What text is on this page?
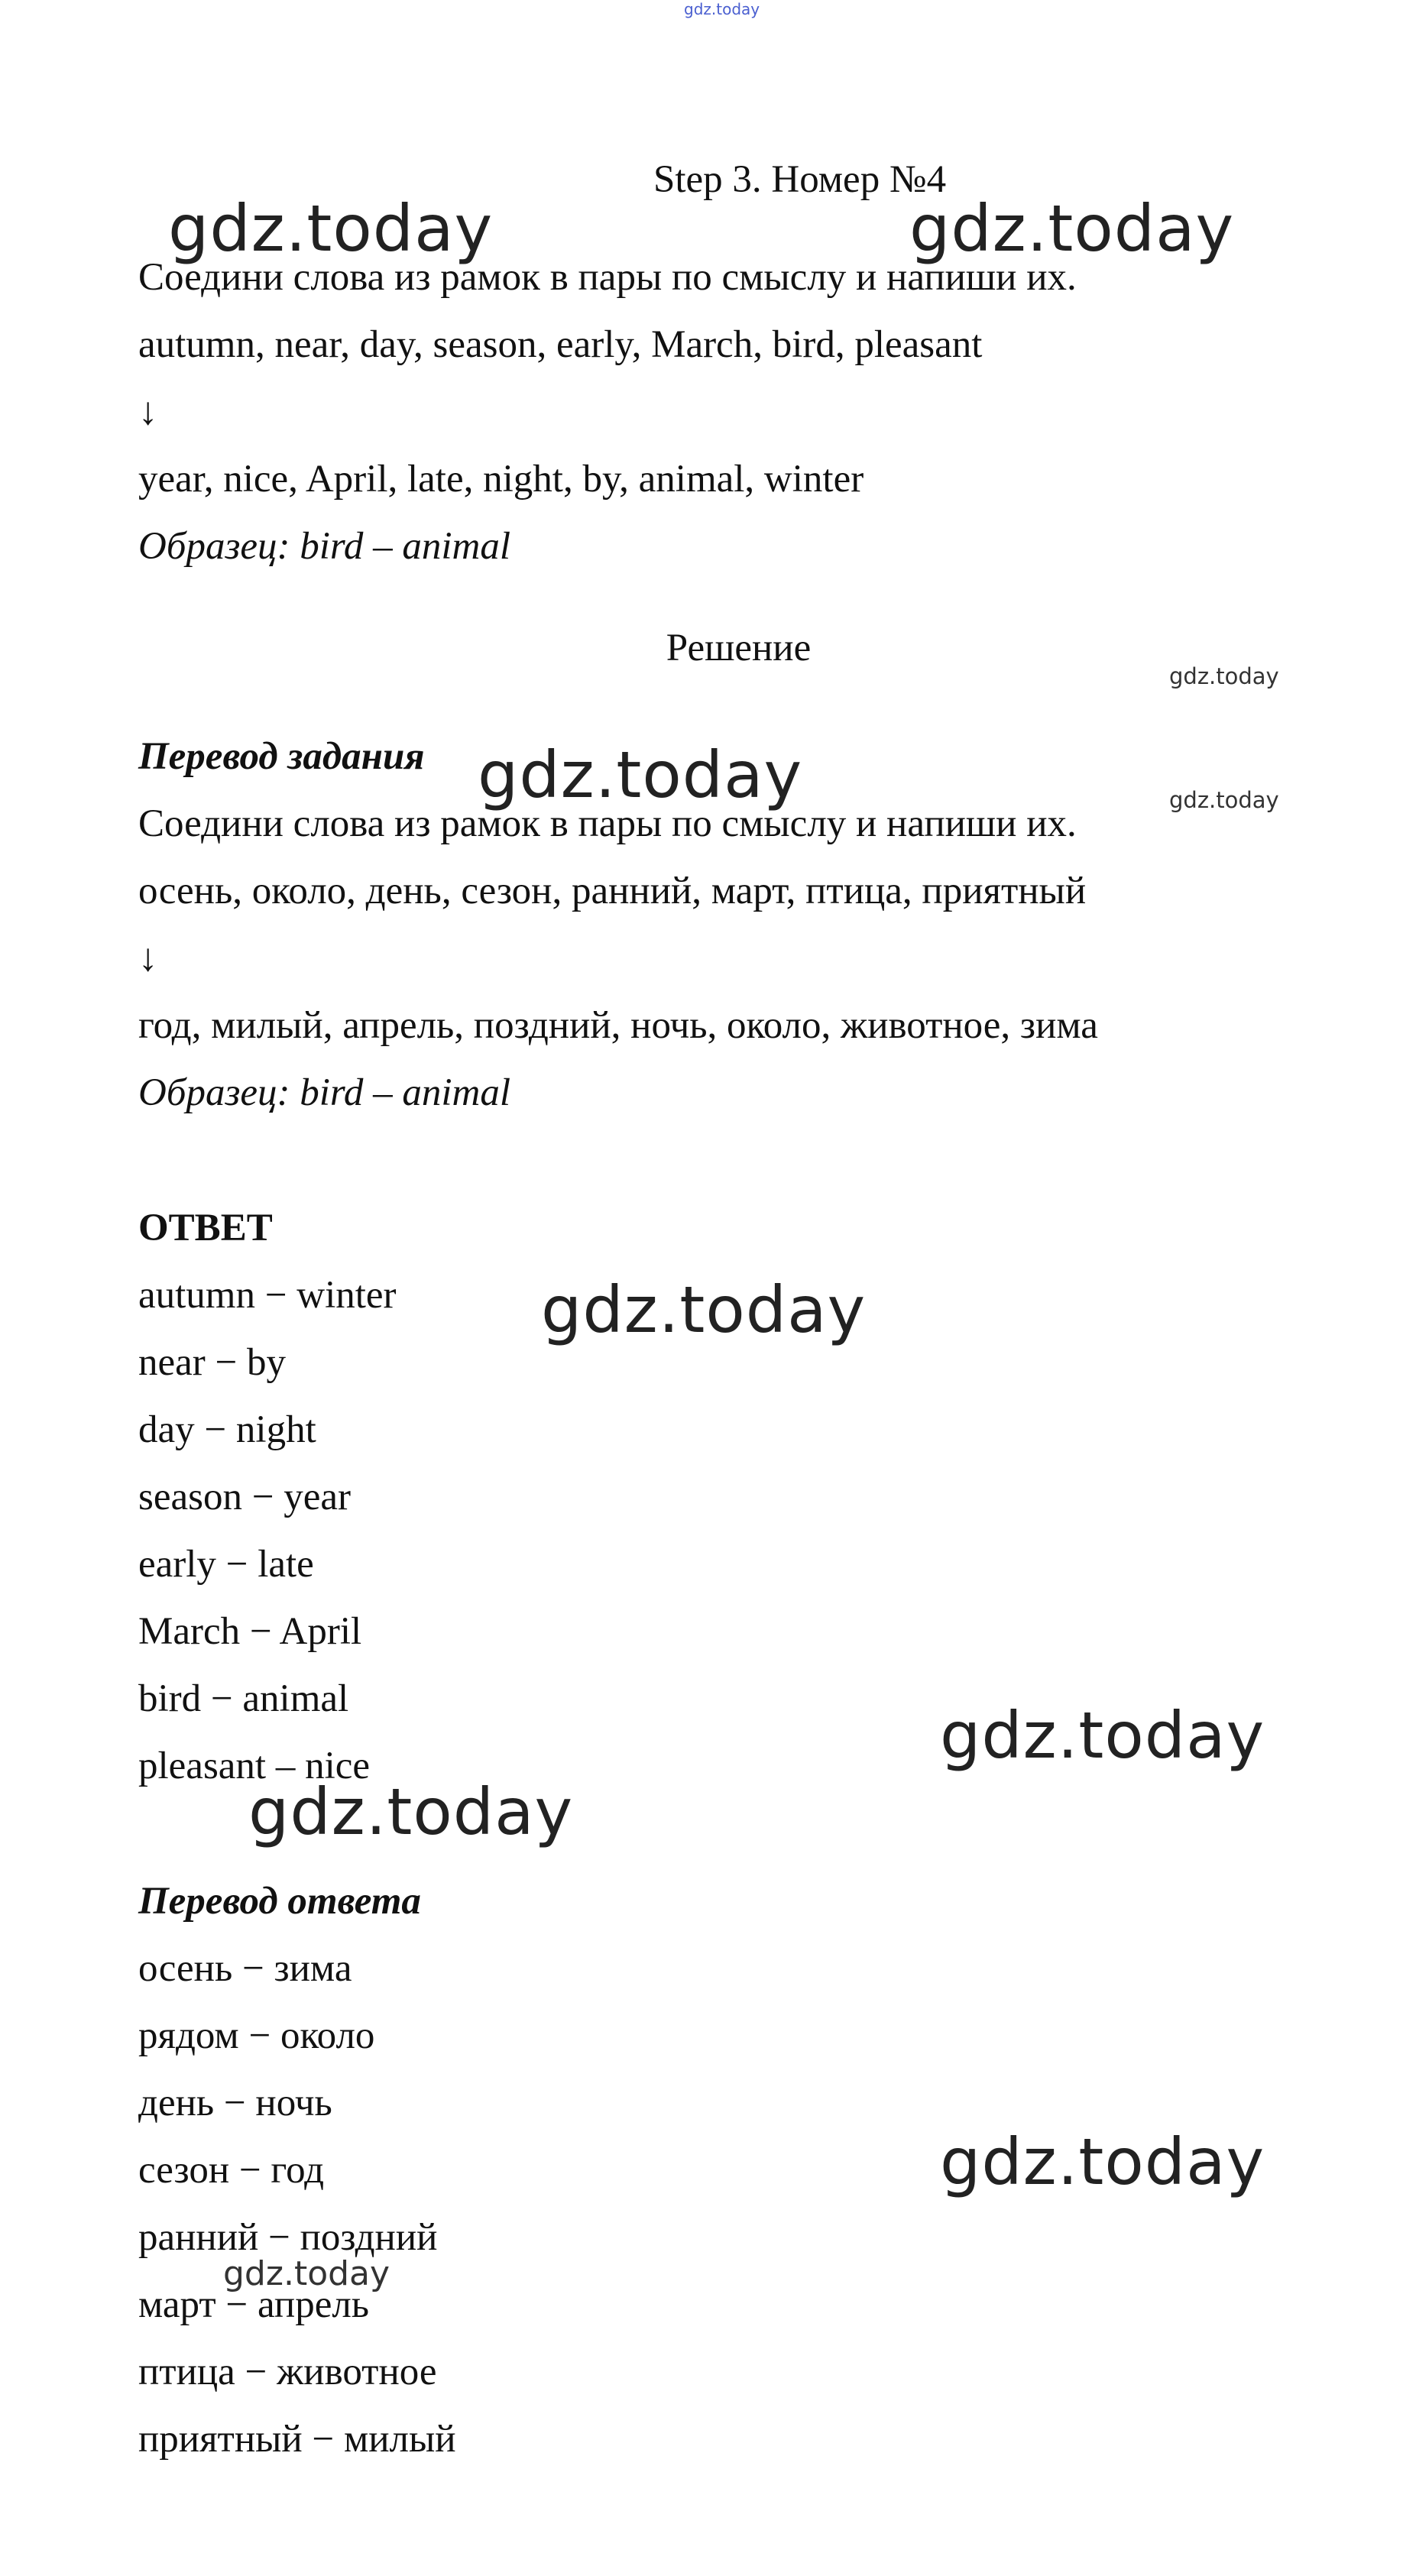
gdz.today
Step 3. Номер №4
Соедини слова из рамок в пары по смыслу и напиши их.
autumn, near, day, season, early, March, bird, pleasant
↓
year, nice, April, late, night, by, animal, winter
Образец: bird – animal
Решение
Перевод задания
Соедини слова из рамок в пары по смыслу и напиши их.
осень, около, день, сезон, ранний, март, птица, приятный
↓
год, милый, апрель, поздний, ночь, около, животное, зима
Образец: bird – animal
ОТВЕТ
autumn − winter
near − by
day − night
season − year
early − late
March − April
bird − animal
pleasant – nice
Перевод ответа
осень − зима
рядом − около
день − ночь
сезон − год
ранний − поздний
март − апрель
птица − животное
приятный − милый
gdz.today	gdz.today
gdz.today
gdz.today	gdz.today
gdz.today
gdz.today
gdz.today
gdz.today
gdz.today
